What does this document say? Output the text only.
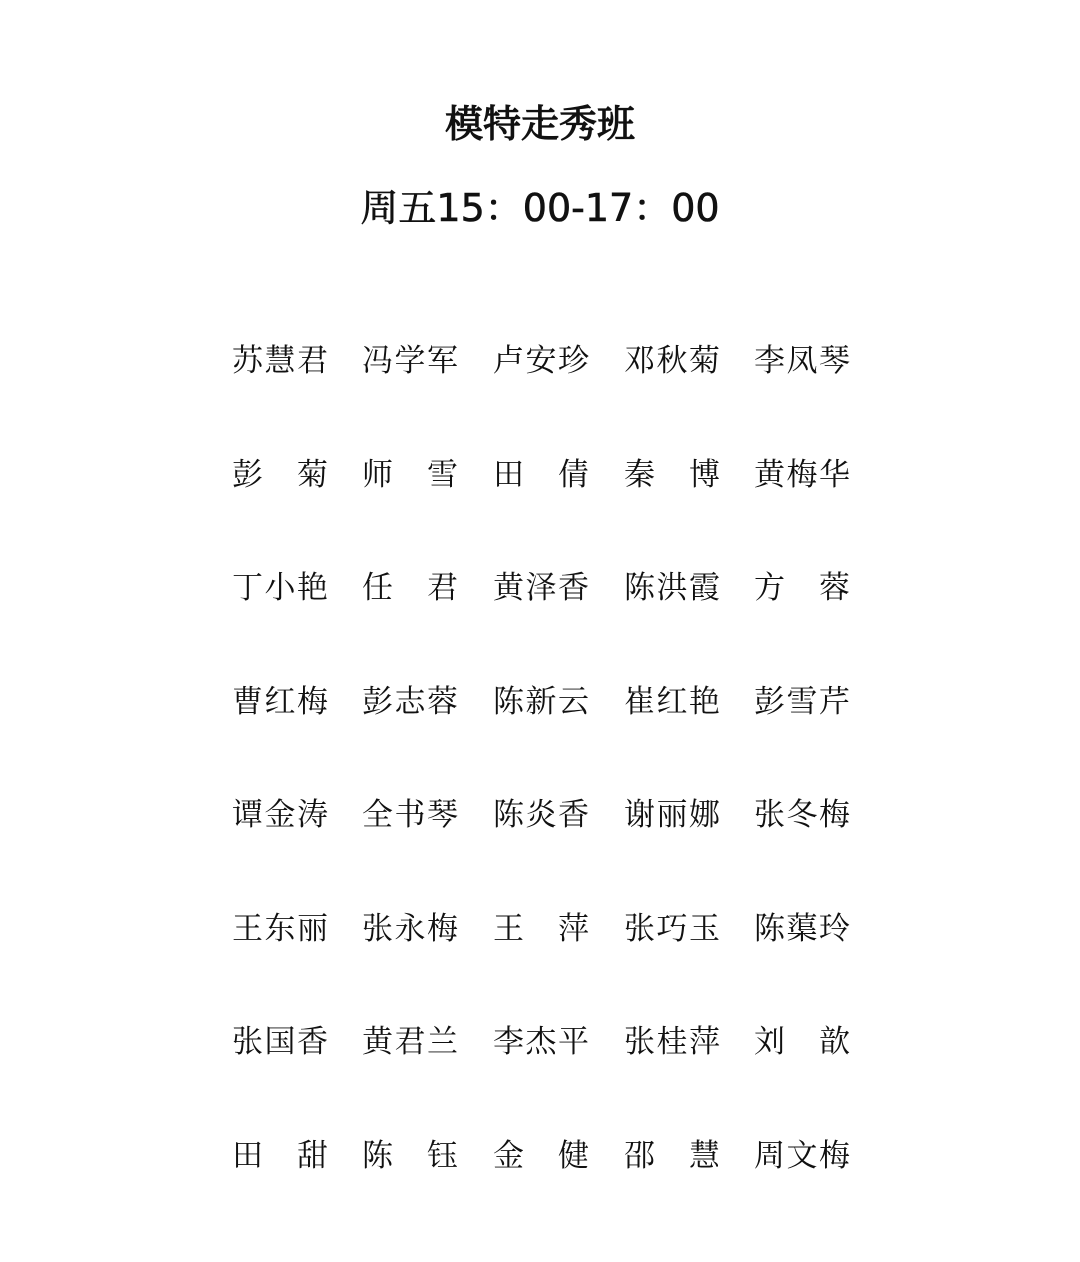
模特走秀班
周五15：00-17：00
苏 慧 君 冯 学 军 卢 安 珍 邓 秋 菊 李 凤 琴
彭 菊 师 雪 田 倩 秦 博 黄 梅 华
丁 小 艳 任 君 黄 泽 香 陈 洪 霞 方 蓉
曹 红 梅 彭 志 蓉 陈 新 云 崔 红 艳 彭 雪 芹
谭 金 涛 全 书 琴 陈 炎 香 谢 丽 娜 张 冬 梅
王 东 丽 张 永 梅 王 萍 张 巧 玉 陈 蕖 玲
张 国 香 黄 君 兰 李 杰 平 张 桂 萍 刘 歆
田 甜 陈 钰 金 健 邵 慧 周 文 梅
